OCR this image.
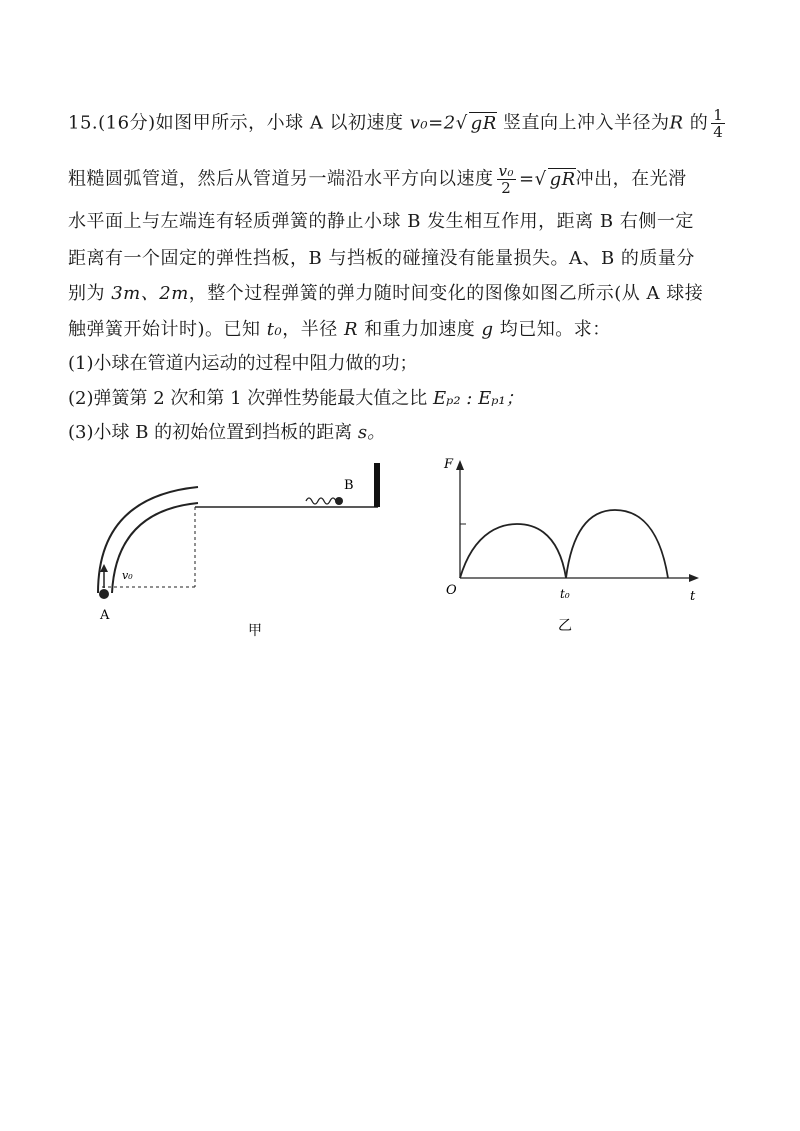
15.(16分)如图甲所示，小球 A 以初速度 v₀=2√ gR 竖直向上冲入半径为R 的 $\frac{1}{4}$
粗糙圆弧管道，然后从管道另一端沿水平方向以速度 $\frac{\text{v₀}}{2}$ =√ gR冲出，在光滑
水平面上与左端连有轻质弹簧的静止小球 B 发生相互作用，距离 B 右侧一定
距离有一个固定的弹性挡板，B 与挡板的碰撞没有能量损失。A、B 的质量分
别为 3m、2m，整个过程弹簧的弹力随时间变化的图像如图乙所示(从 A 球接
触弹簧开始计时)。已知 t₀，半径 R 和重力加速度 g 均已知。求：
(1)小球在管道内运动的过程中阻力做的功；
(2)弹簧第 2 次和第 1 次弹性势能最大值之比 Eₚ₂ : Eₚ₁；
(3)小球 B 的初始位置到挡板的距离 s。
B
A
v₀
甲
F
t
O	t₀
乙
